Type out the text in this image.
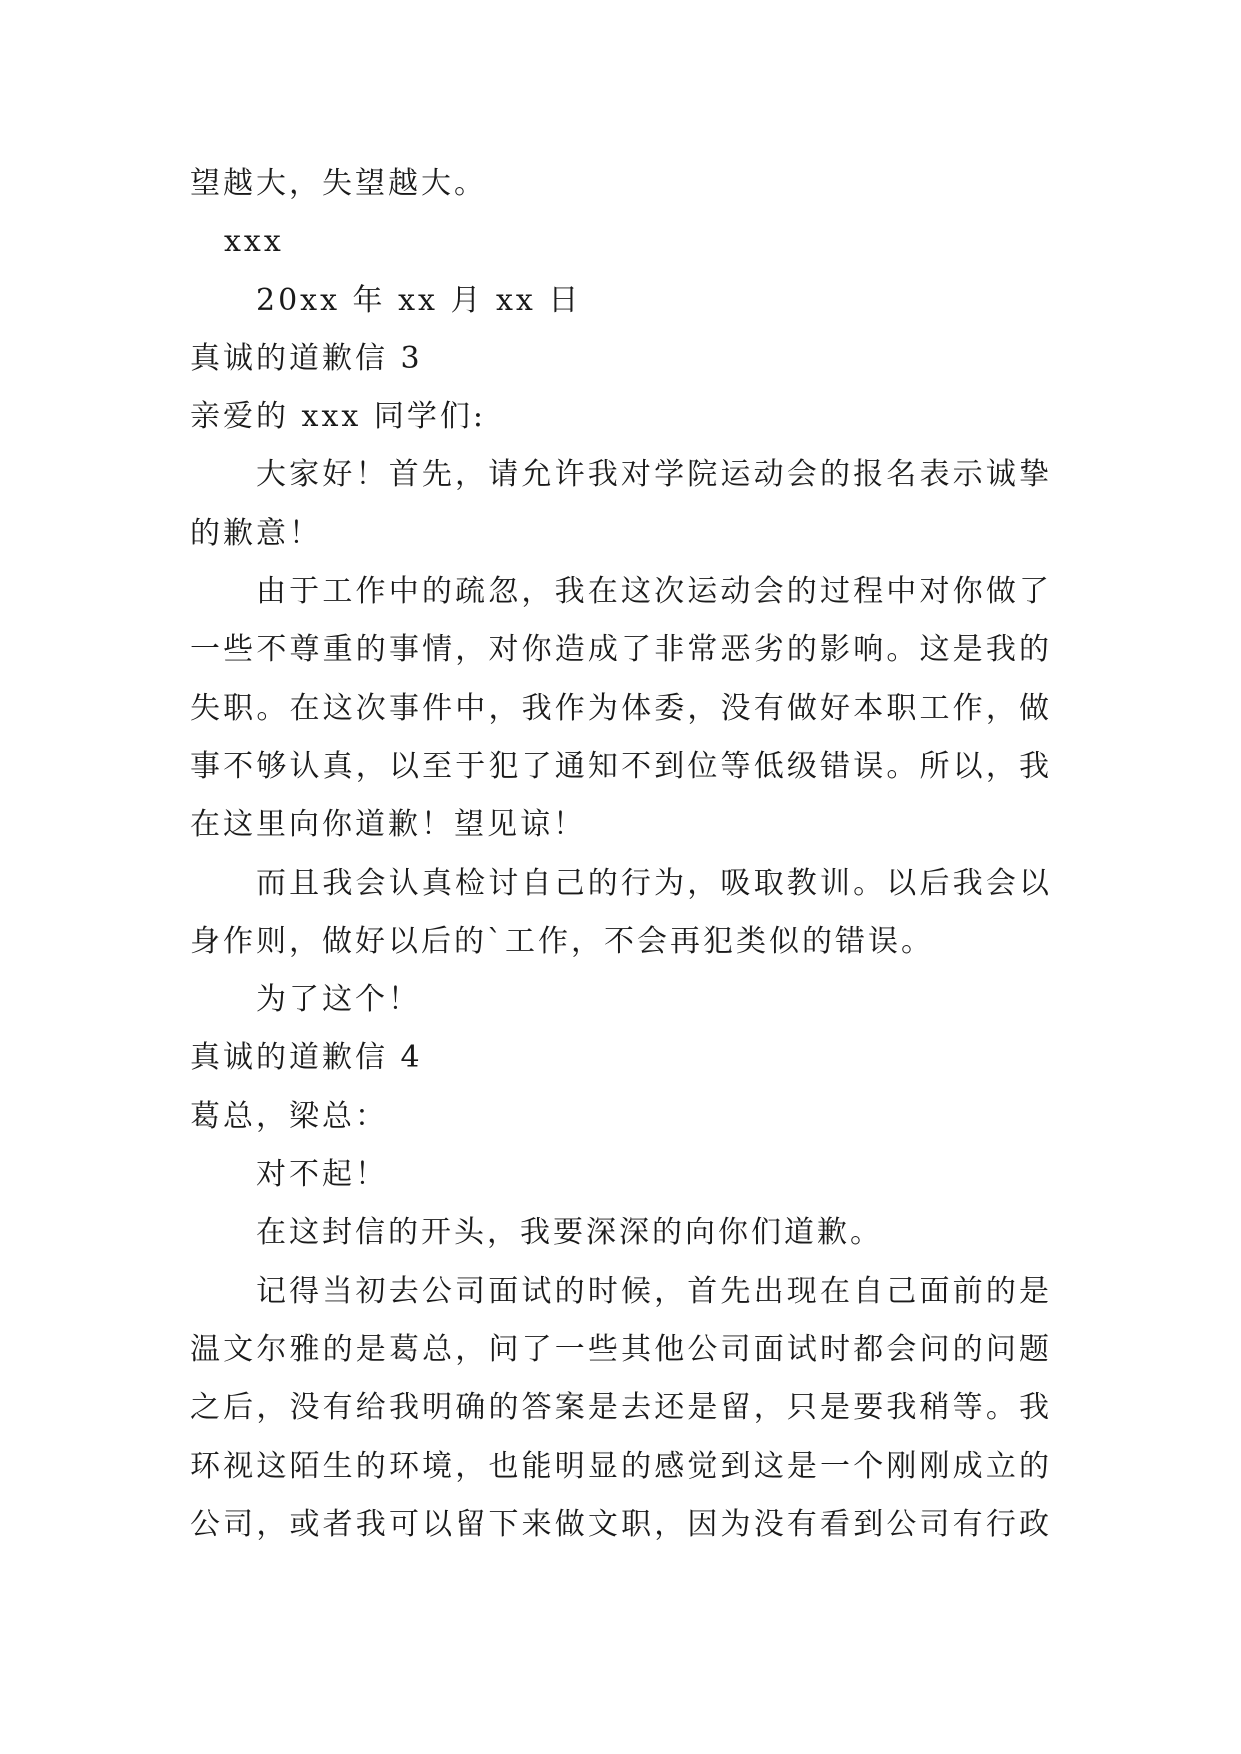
望越大，失望越大。
xxx
20xx 年 xx 月 xx 日
真诚的道歉信 3
亲爱的 xxx 同学们:
大家好！首先，请允许我对学院运动会的报名表示诚挚
的歉意！
由于工作中的疏忽，我在这次运动会的过程中对你做了
一些不尊重的事情，对你造成了非常恶劣的影响。这是我的
失职。在这次事件中，我作为体委，没有做好本职工作，做
事不够认真，以至于犯了通知不到位等低级错误。所以，我
在这里向你道歉！望见谅！
而且我会认真检讨自己的行为，吸取教训。以后我会以
身作则，做好以后的`工作，不会再犯类似的错误。
为了这个！
真诚的道歉信 4
葛总，梁总：
对不起！
在这封信的开头，我要深深的向你们道歉。
记得当初去公司面试的时候，首先出现在自己面前的是
温文尔雅的是葛总，问了一些其他公司面试时都会问的问题
之后，没有给我明确的答案是去还是留，只是要我稍等。我
环视这陌生的环境，也能明显的感觉到这是一个刚刚成立的
公司，或者我可以留下来做文职，因为没有看到公司有行政
